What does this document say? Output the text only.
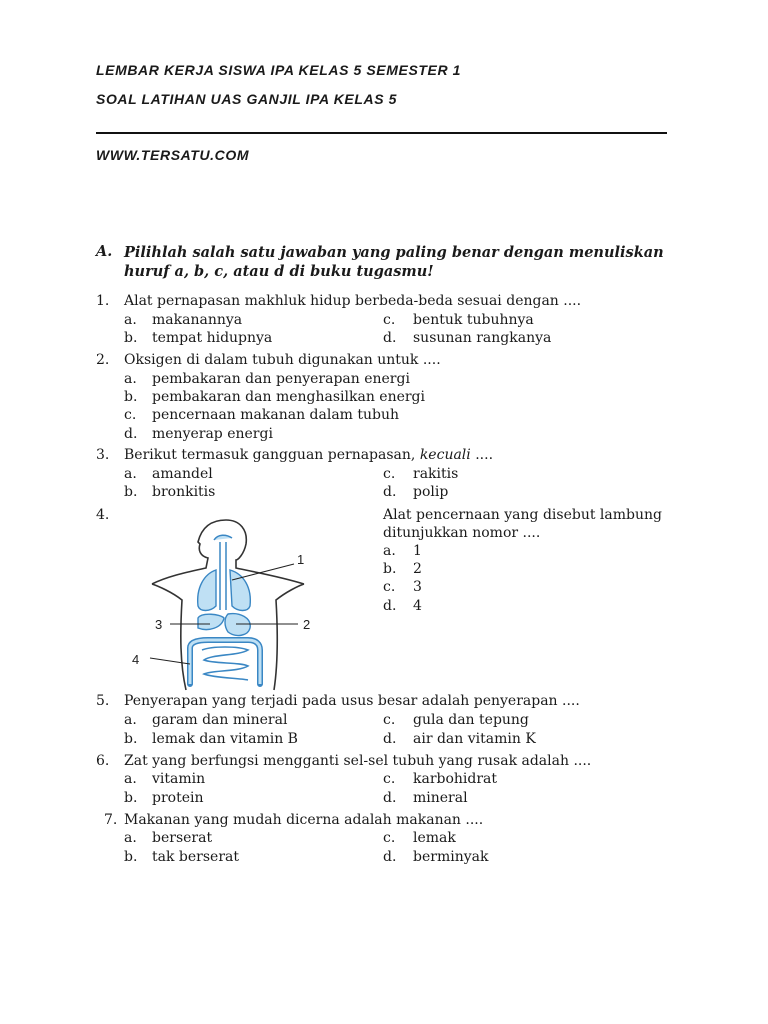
LEMBAR KERJA SISWA IPA KELAS 5 SEMESTER 1
SOAL LATIHAN UAS GANJIL IPA KELAS 5
WWW.TERSATU.COM
A. Pilihlah salah satu jawaban yang paling benar dengan menuliskan huruf a, b, c, atau d di buku tugasmu!
1. Alat pernapasan makhluk hidup berbeda-beda sesuai dengan ....
a. makanannya	c. bentuk tubuhnya
b. tempat hidupnya	d. susunan rangkanya
2. Oksigen di dalam tubuh digunakan untuk ....
a. pembakaran dan penyerapan energi
b. pembakaran dan menghasilkan energi
c. pencernaan makanan dalam tubuh
d. menyerap energi
3. Berikut termasuk gangguan pernapasan, kecuali ....
a. amandel	c. rakitis
b. bronkitis	d. polip
4.	Alat pencernaan yang disebut lambung
ditunjukkan nomor ....
a. 1
b. 2
c. 3
d. 4
1
2
3
4
5. Penyerapan yang terjadi pada usus besar adalah penyerapan ....
a. garam dan mineral	c. gula dan tepung
b. lemak dan vitamin B	d. air dan vitamin K
6. Zat yang berfungsi mengganti sel-sel tubuh yang rusak adalah ....
a. vitamin	c. karbohidrat
b. protein	d. mineral
7. Makanan yang mudah dicerna adalah makanan ....
a. berserat	c. lemak
b. tak berserat	d. berminyak
